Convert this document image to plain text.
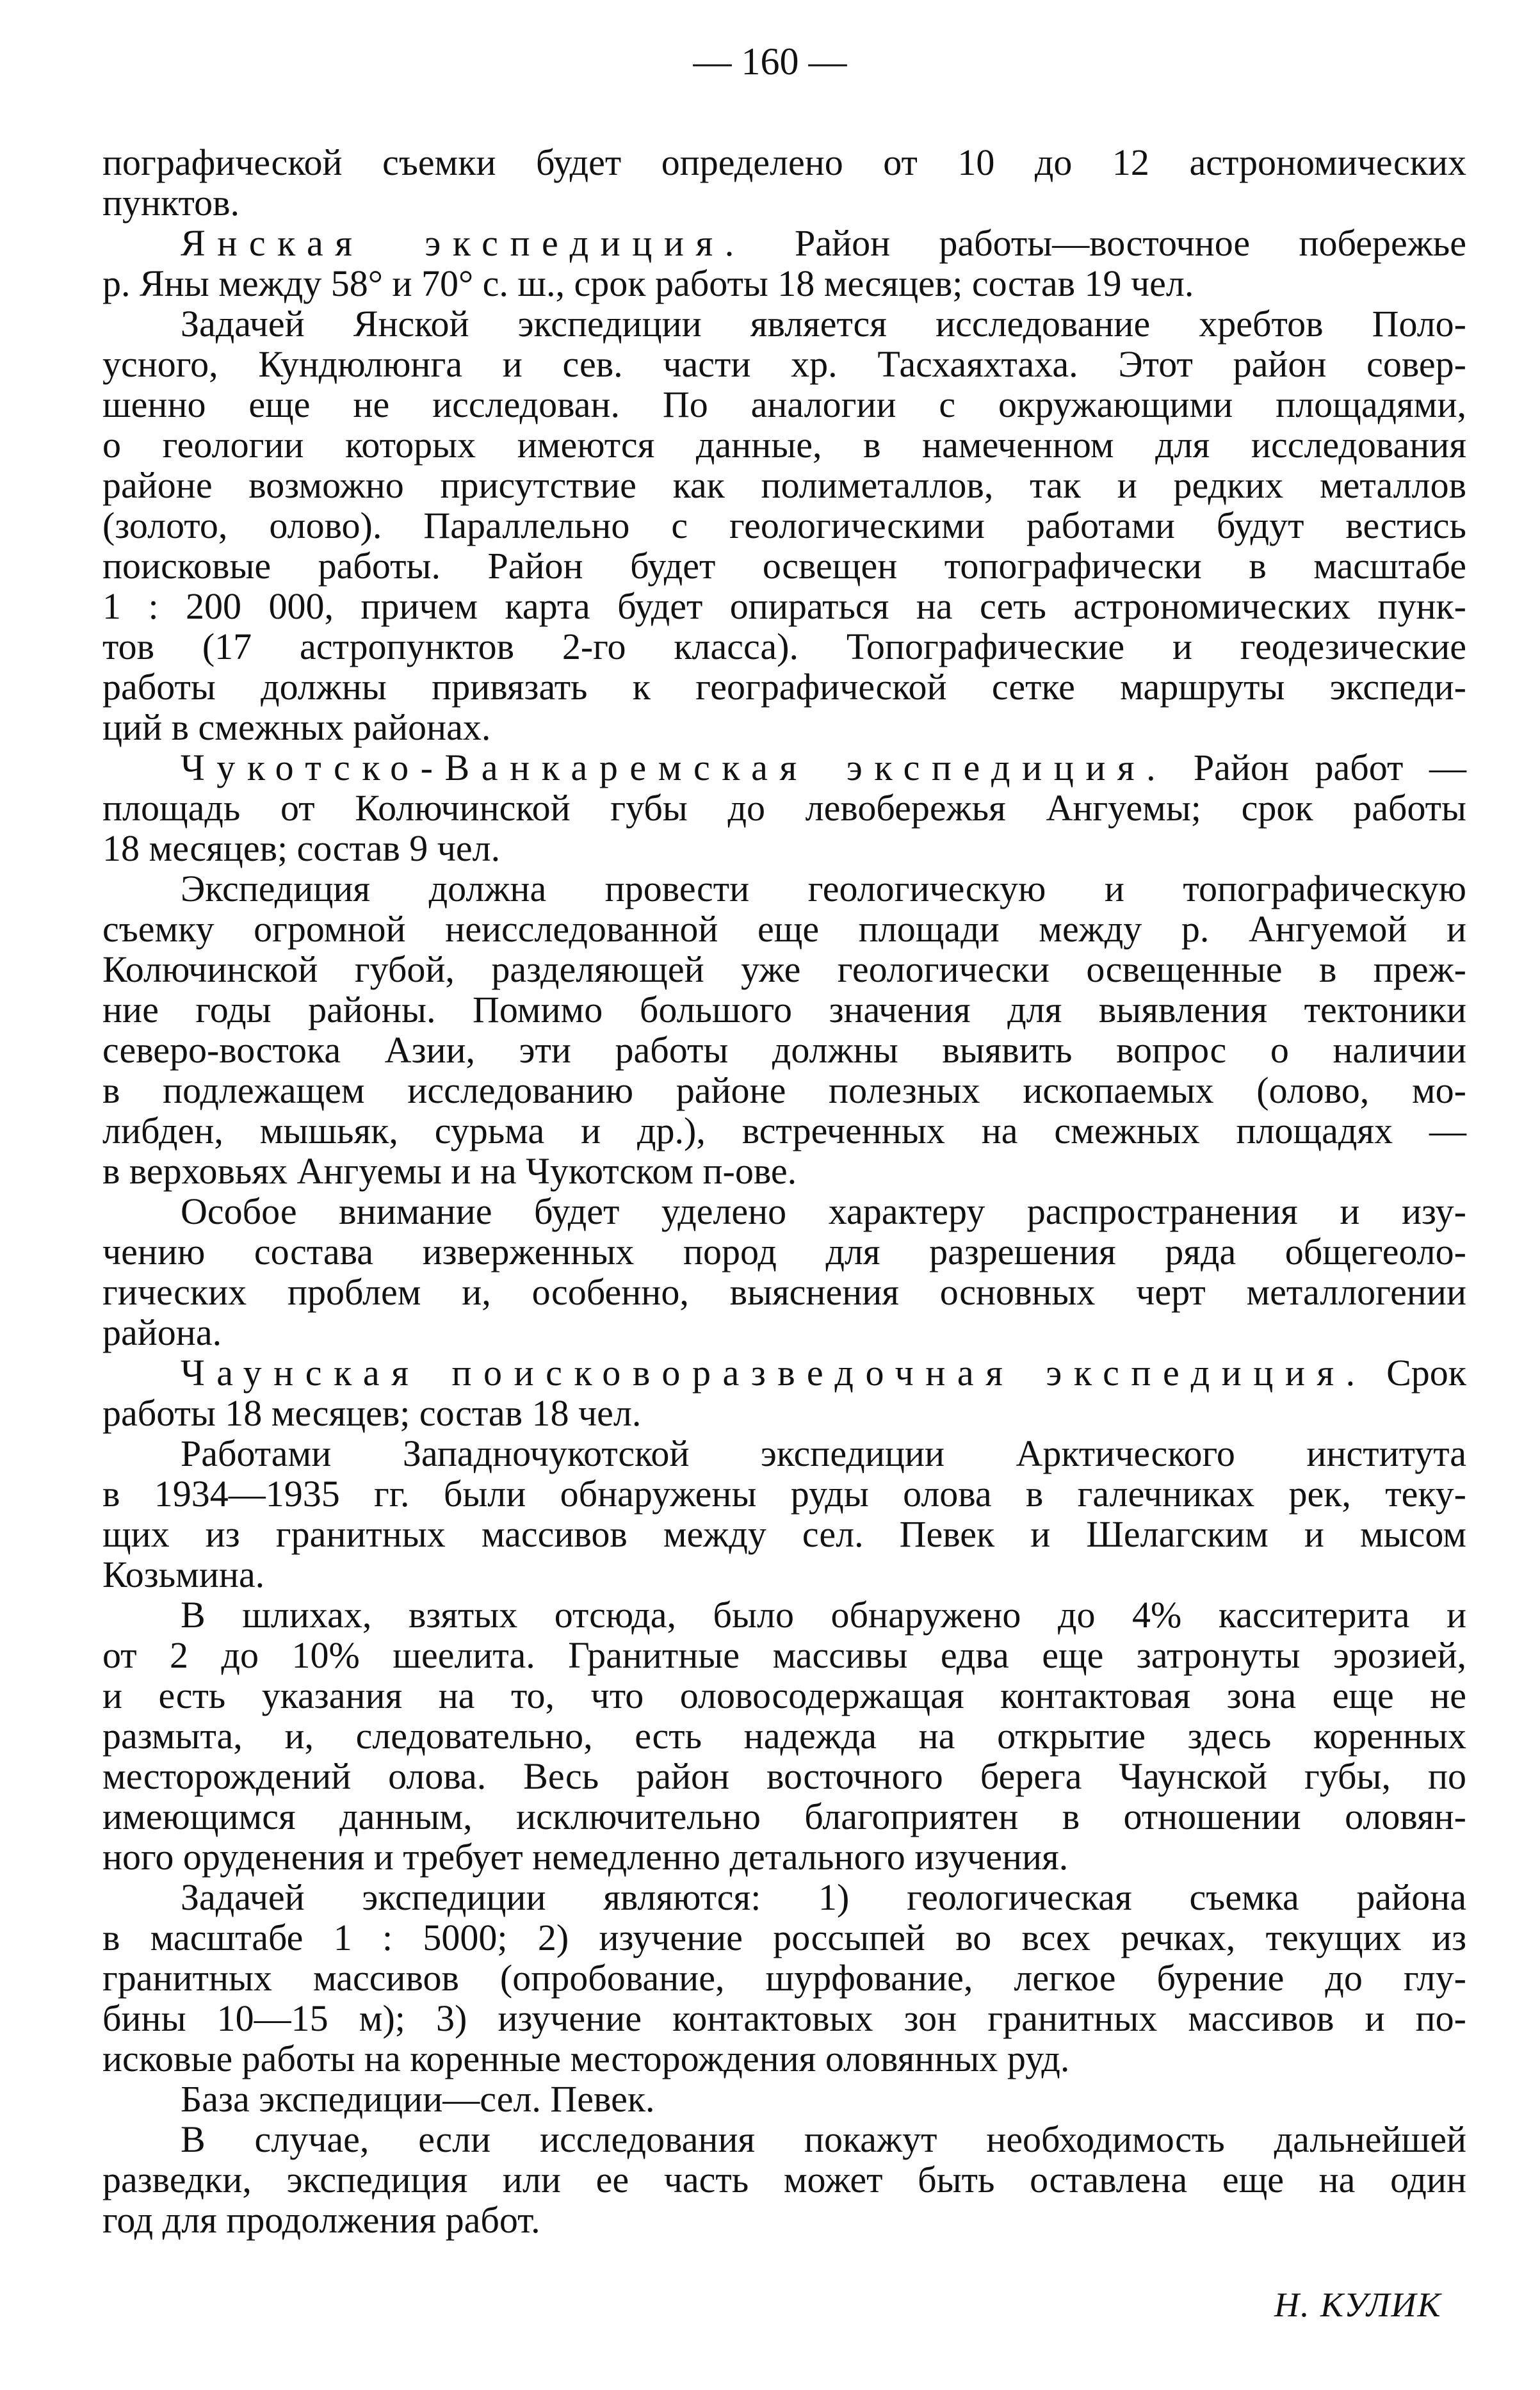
— 160 —
пографической съемки будет определено от 10 до 12 астрономических
пунктов.
Янская экспедиция. Район работы—восточное побережье
р. Яны между 58° и 70° с. ш., срок работы 18 месяцев; состав 19 чел.
Задачей Янской экспедиции является исследование хребтов Поло-
усного, Кундюлюнга и сев. части хр. Тасхаяхтаха. Этот район совер-
шенно еще не исследован. По аналогии с окружающими площадями,
о геологии которых имеются данные, в намеченном для исследования
районе возможно присутствие как полиметаллов, так и редких металлов
(золото, олово). Параллельно с геологическими работами будут вестись
поисковые работы. Район будет освещен топографически в масштабе
1 : 200 000, причем карта будет опираться на сеть астрономических пунк-
тов (17 астропунктов 2-го класса). Топографические и геодезические
работы должны привязать к географической сетке маршруты экспеди-
ций в смежных районах.
Чукотско-Ванкаремская экспедиция. Район работ —
площадь от Колючинской губы до левобережья Ангуемы; срок работы
18 месяцев; состав 9 чел.
Экспедиция должна провести геологическую и топографическую
съемку огромной неисследованной еще площади между р. Ангуемой и
Колючинской губой, разделяющей уже геологически освещенные в преж-
ние годы районы. Помимо большого значения для выявления тектоники
северо-востока Азии, эти работы должны выявить вопрос о наличии
в подлежащем исследованию районе полезных ископаемых (олово, мо-
либден, мышьяк, сурьма и др.), встреченных на смежных площадях —
в верховьях Ангуемы и на Чукотском п-ове.
Особое внимание будет уделено характеру распространения и изу-
чению состава изверженных пород для разрешения ряда общегеоло-
гических проблем и, особенно, выяснения основных черт металлогении
района.
Чаунская поисковоразведочная экспедиция. Срок
работы 18 месяцев; состав 18 чел.
Работами Западночукотской экспедиции Арктического института
в 1934—1935 гг. были обнаружены руды олова в галечниках рек, теку-
щих из гранитных массивов между сел. Певек и Шелагским и мысом
Козьмина.
В шлихах, взятых отсюда, было обнаружено до 4% касситерита и
от 2 до 10% шеелита. Гранитные массивы едва еще затронуты эрозией,
и есть указания на то, что оловосодержащая контактовая зона еще не
размыта, и, следовательно, есть надежда на открытие здесь коренных
месторождений олова. Весь район восточного берега Чаунской губы, по
имеющимся данным, исключительно благоприятен в отношении оловян-
ного оруденения и требует немедленно детального изучения.
Задачей экспедиции являются: 1) геологическая съемка района
в масштабе 1 : 5000; 2) изучение россыпей во всех речках, текущих из
гранитных массивов (опробование, шурфование, легкое бурение до глу-
бины 10—15 м); 3) изучение контактовых зон гранитных массивов и по-
исковые работы на коренные месторождения оловянных руд.
База экспедиции—сел. Певек.
В случае, если исследования покажут необходимость дальнейшей
разведки, экспедиция или ее часть может быть оставлена еще на один
год для продолжения работ.
Н. КУЛИК
